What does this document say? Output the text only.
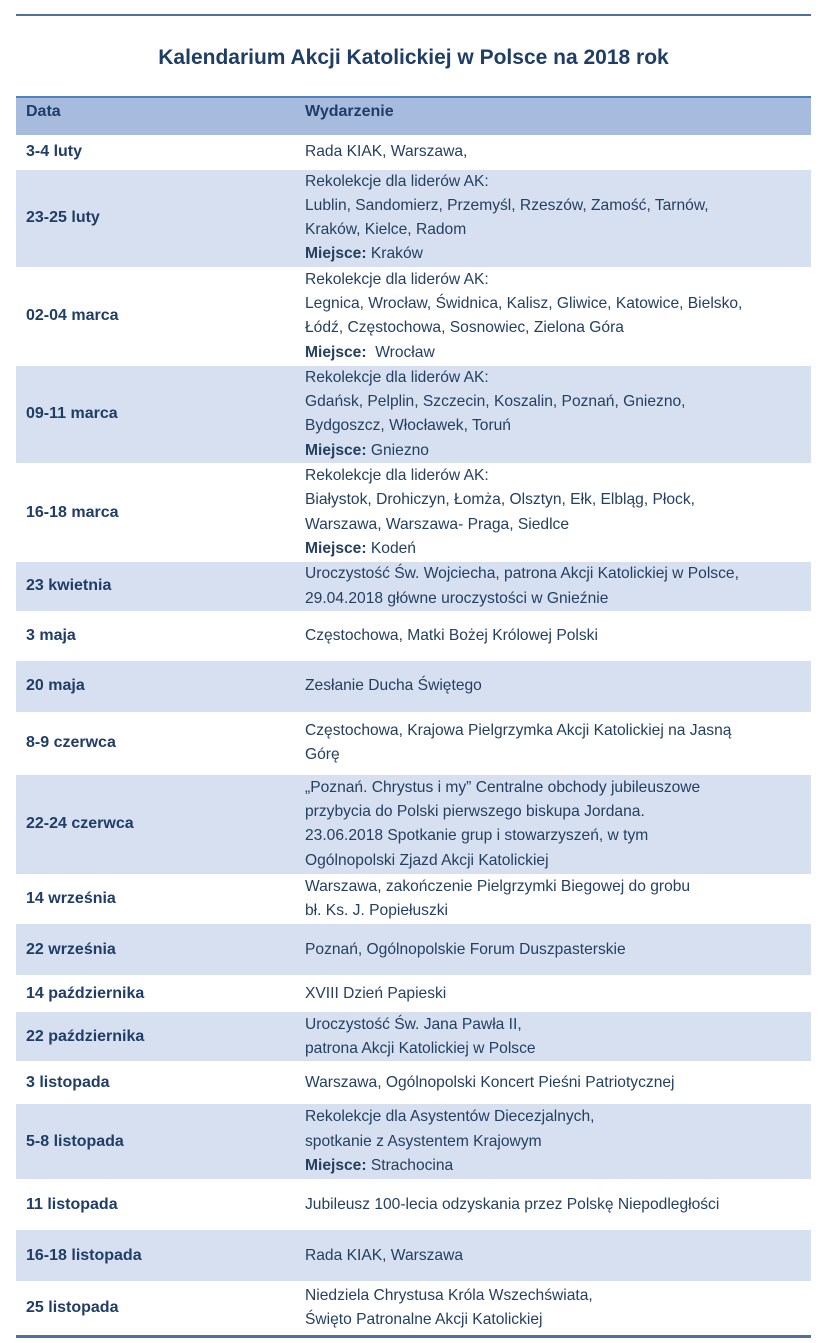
Kalendarium Akcji Katolickiej w Polsce na 2018 rok
Data	Wydarzenie
3-4 luty	Rada KIAK, Warszawa,

23-25 luty	Rekolekcje dla liderów AK:
Lublin, Sandomierz, Przemyśl, Rzeszów, Zamość, Tarnów,
Kraków, Kielce, Radom
Miejsce: Kraków

02-04 marca	Rekolekcje dla liderów AK:
Legnica, Wrocław, Świdnica, Kalisz, Gliwice, Katowice, Bielsko,
Łódź, Częstochowa, Sosnowiec, Zielona Góra
Miejsce:  Wrocław

09-11 marca	Rekolekcje dla liderów AK:
Gdańsk, Pelplin, Szczecin, Koszalin, Poznań, Gniezno,
Bydgoszcz, Włocławek, Toruń
Miejsce: Gniezno

16-18 marca	Rekolekcje dla liderów AK:
Białystok, Drohiczyn, Łomża, Olsztyn, Ełk, Elbląg, Płock,
Warszawa, Warszawa- Praga, Siedlce
Miejsce: Kodeń

23 kwietnia	Uroczystość Św. Wojciecha, patrona Akcji Katolickiej w Polsce,
29.04.2018 główne uroczystości w Gnieźnie

3 maja	Częstochowa, Matki Bożej Królowej Polski

20 maja	Zesłanie Ducha Świętego

8-9 czerwca	Częstochowa, Krajowa Pielgrzymka Akcji Katolickiej na Jasną
Górę

22-24 czerwca	„Poznań. Chrystus i my” Centralne obchody jubileuszowe
przybycia do Polski pierwszego biskupa Jordana.
23.06.2018 Spotkanie grup i stowarzyszeń, w tym
Ogólnopolski Zjazd Akcji Katolickiej

14 września	Warszawa, zakończenie Pielgrzymki Biegowej do grobu
bł. Ks. J. Popiełuszki

22 września	Poznań, Ogólnopolskie Forum Duszpasterskie

14 października	XVIII Dzień Papieski

22 października	Uroczystość Św. Jana Pawła II,
patrona Akcji Katolickiej w Polsce

3 listopada	Warszawa, Ogólnopolski Koncert Pieśni Patriotycznej

5-8 listopada	Rekolekcje dla Asystentów Diecezjalnych,
spotkanie z Asystentem Krajowym
Miejsce: Strachocina

11 listopada	Jubileusz 100-lecia odzyskania przez Polskę Niepodległości

16-18 listopada	Rada KIAK, Warszawa

25 listopada	Niedziela Chrystusa Króla Wszechświata,
Święto Patronalne Akcji Katolickiej
